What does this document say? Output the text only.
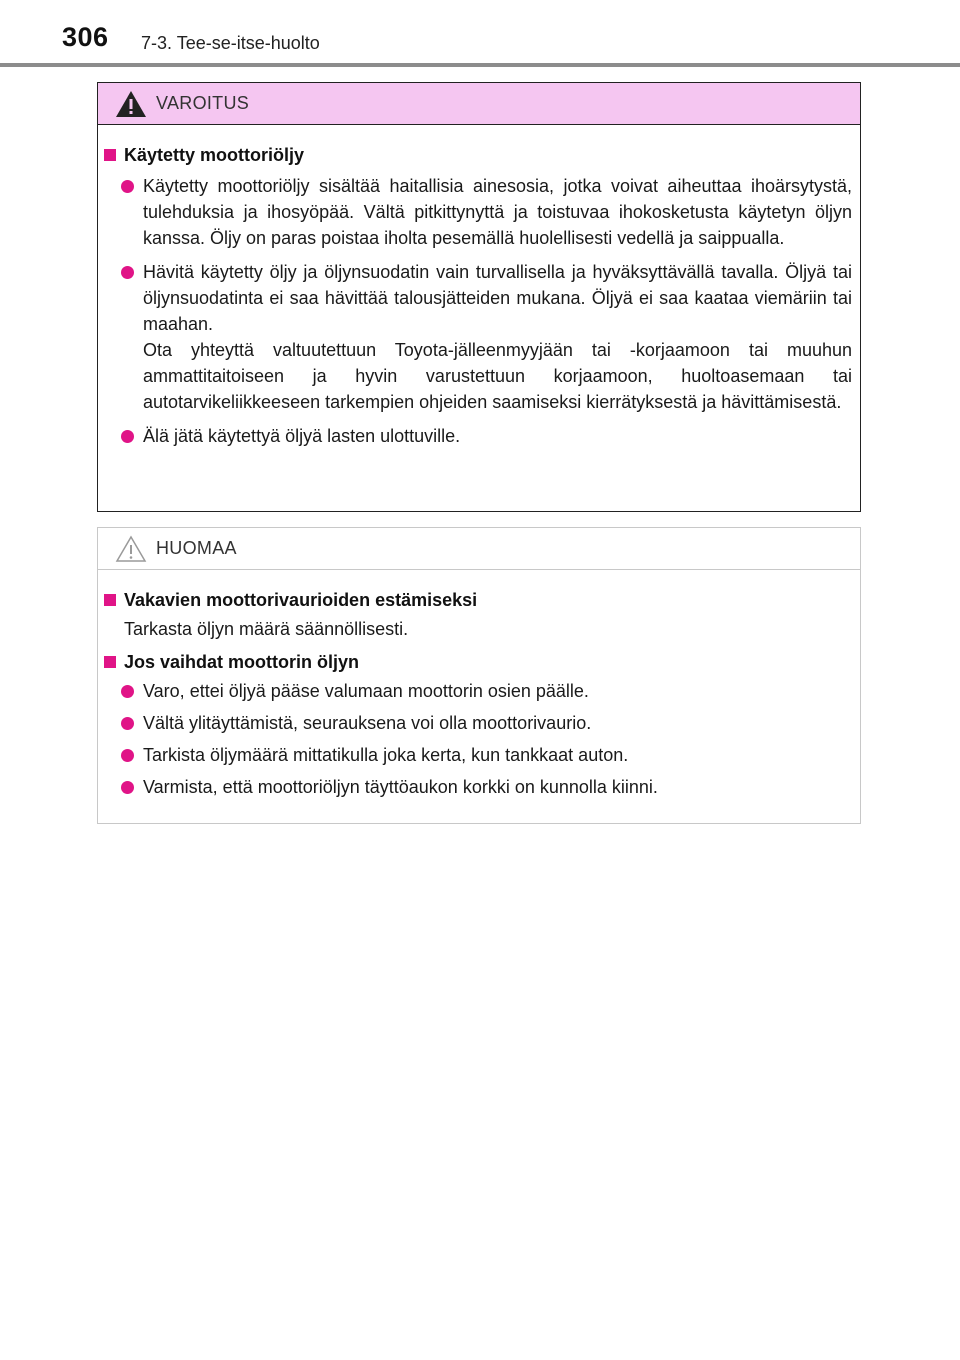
306 7-3. Tee-se-itse-huolto
VAROITUS
Käytetty moottoriöljy

Käytetty moottoriöljy sisältää haitallisia ainesosia, jotka voivat aiheuttaa ihoärsytystä, tulehduksia ja ihosyöpää. Vältä pitkittynyttä ja toistuvaa ihokosketusta käytetyn öljyn kanssa. Öljy on paras poistaa iholta pesemällä huolellisesti vedellä ja saippualla.

Hävitä käytetty öljy ja öljynsuodatin vain turvallisella ja hyväksyttävällä tavalla. Öljyä tai öljynsuodatinta ei saa hävittää talousjätteiden mukana. Öljyä ei saa kaataa viemäriin tai maahan.

Ota yhteyttä valtuutettuun Toyota-jälleenmyyjään tai -korjaamoon tai muuhun ammattitaitoiseen ja hyvin varustettuun korjaamoon, huoltoasemaan tai autotarvikeliikkeeseen tarkempien ohjeiden saamiseksi kierrätyksestä ja hävittämisestä.

Älä jätä käytettyä öljyä lasten ulottuville.

HUOMAA
Vakavien moottorivaurioiden estämiseksi
Tarkasta öljyn määrä säännöllisesti.
Jos vaihdat moottorin öljyn
Varo, ettei öljyä pääse valumaan moottorin osien päälle.
Vältä ylitäyttämistä, seurauksena voi olla moottorivaurio.
Tarkista öljymäärä mittatikulla joka kerta, kun tankkaat auton.
Varmista, että moottoriöljyn täyttöaukon korkki on kunnolla kiinni.
